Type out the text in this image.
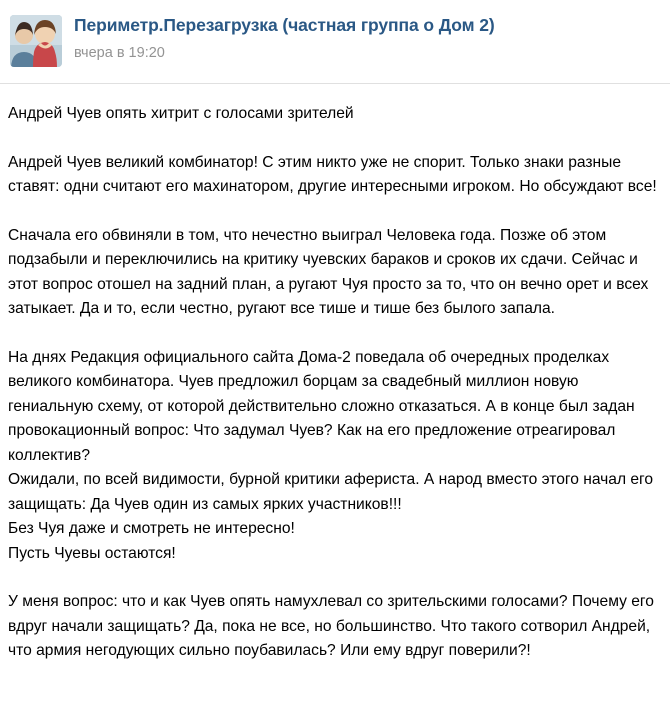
Периметр.Перезагрузка (частная группа о Дом 2)
вчера в 19:20

Андрей Чуев опять хитрит с голосами зрителей

Андрей Чуев великий комбинатор! С этим никто уже не спорит. Только знаки разные ставят: одни считают его махинатором, другие интересными игроком. Но обсуждают все!

Сначала его обвиняли в том, что нечестно выиграл Человека года. Позже об этом подзабыли и переключились на критику чуевских бараков и сроков их сдачи. Сейчас и этот вопрос отошел на задний план, а ругают Чуя просто за то, что он вечно орет и всех затыкает. Да и то, если честно, ругают все тише и тише без былого запала.

На днях Редакция официального сайта Дома-2 поведала об очередных проделках великого комбинатора. Чуев предложил борцам за свадебный миллион новую гениальную схему, от которой действительно сложно отказаться. А в конце был задан провокационный вопрос: Что задумал Чуев? Как на его предложение отреагировал коллектив?

Ожидали, по всей видимости, бурной критики афериста. А народ вместо этого начал его защищать: Да Чуев один из самых ярких участников!!!
Без Чуя даже и смотреть не интересно!
Пусть Чуевы остаются!

У меня вопрос: что и как Чуев опять намухлевал со зрительскими голосами? Почему его вдруг начали защищать? Да, пока не все, но большинство. Что такого сотворил Андрей, что армия негодующих сильно поубавилась? Или ему вдруг поверили?!
